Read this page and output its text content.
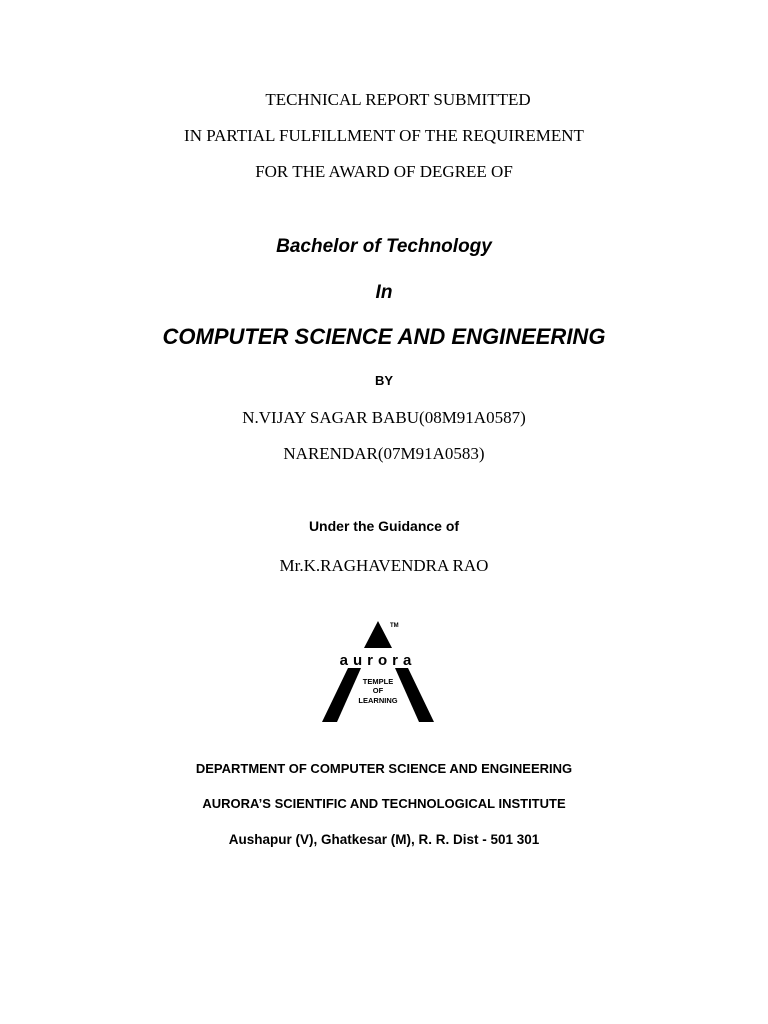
TECHNICAL REPORT SUBMITTED

IN PARTIAL FULFILLMENT OF THE REQUIREMENT

FOR THE AWARD OF DEGREE OF

Bachelor of Technology

In

COMPUTER SCIENCE AND ENGINEERING

BY

N.VIJAY SAGAR BABU(08M91A0587)

NARENDAR(07M91A0583)

Under the Guidance of

Mr.K.RAGHAVENDRA RAO

aurora
TEMPLE
OF
LEARNING
TM

DEPARTMENT OF COMPUTER SCIENCE AND ENGINEERING

AURORA’S SCIENTIFIC AND TECHNOLOGICAL INSTITUTE

Aushapur (V), Ghatkesar (M), R. R. Dist - 501 301
